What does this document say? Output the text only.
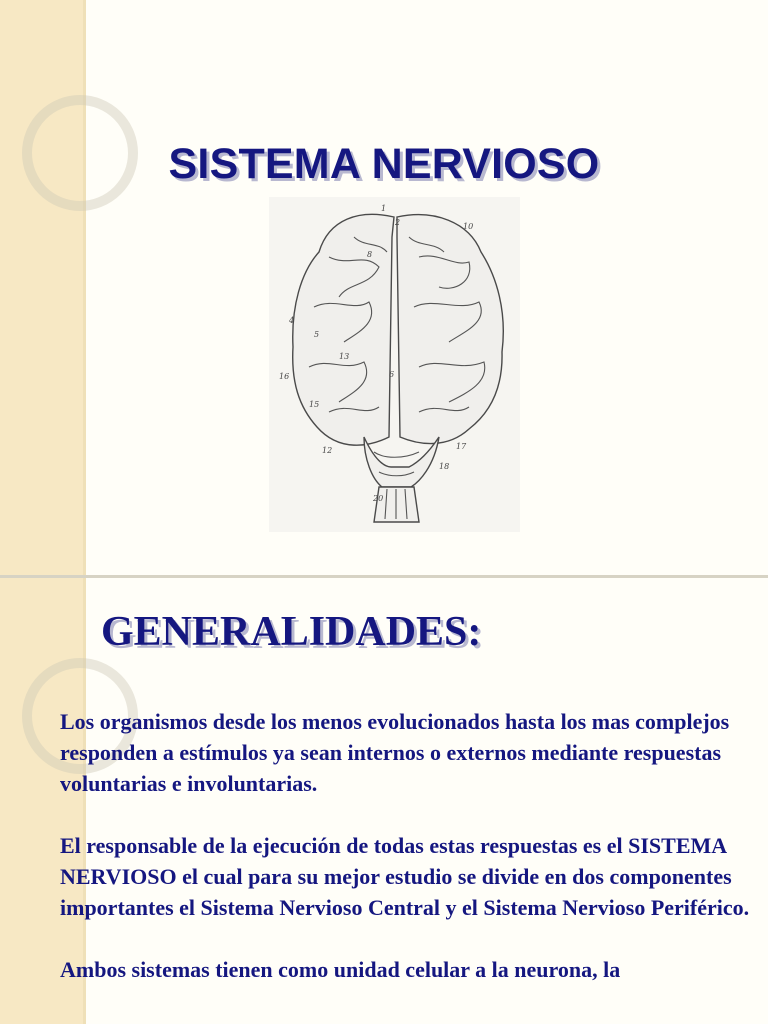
SISTEMA NERVIOSO
1
2	10
8
4
5
16
13
15
12	17
18
20
6
GENERALIDADES:

Los organismos desde los menos evolucionados hasta los mas complejos responden a estímulos ya sean internos o externos mediante respuestas voluntarias e involuntarias.

El responsable de la ejecución de todas estas respuestas es el SISTEMA NERVIOSO el cual para su mejor estudio se divide en dos componentes importantes el Sistema Nervioso Central y el Sistema Nervioso Periférico.

Ambos sistemas tienen como unidad celular a la neurona, la
